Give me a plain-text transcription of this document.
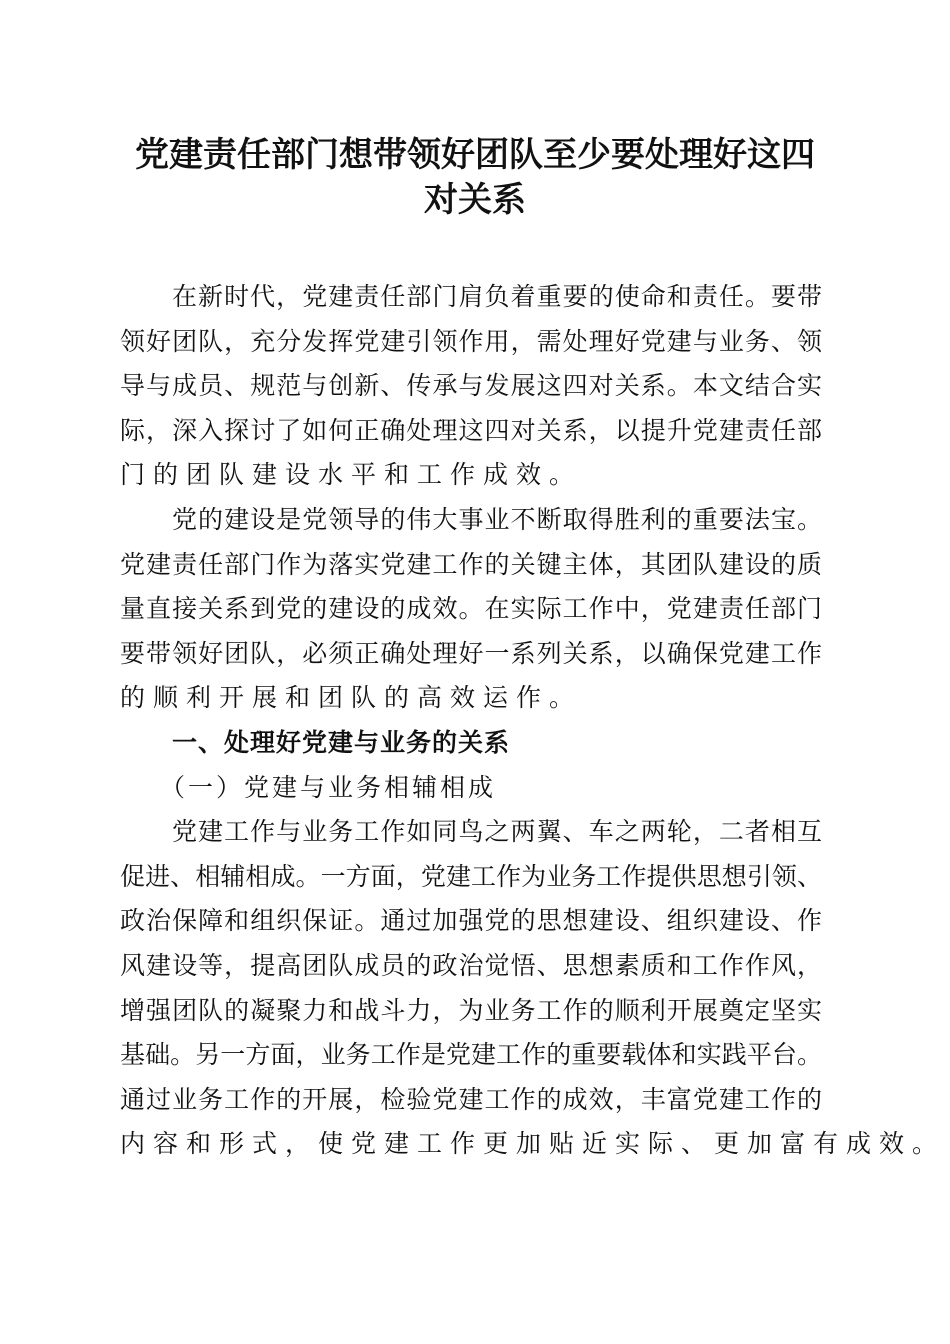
党建责任部门想带领好团队至少要处理好这四
对关系
在新时代，党建责任部门肩负着重要的使命和责任。要带
领好团队，充分发挥党建引领作用，需处理好党建与业务、领
导与成员、规范与创新、传承与发展这四对关系。本文结合实
际，深入探讨了如何正确处理这四对关系，以提升党建责任部
门的团队建设水平和工作成效。
党的建设是党领导的伟大事业不断取得胜利的重要法宝。
党建责任部门作为落实党建工作的关键主体，其团队建设的质
量直接关系到党的建设的成效。在实际工作中，党建责任部门
要带领好团队，必须正确处理好一系列关系，以确保党建工作
的顺利开展和团队的高效运作。
一、处理好党建与业务的关系
（一）党建与业务相辅相成
党建工作与业务工作如同鸟之两翼、车之两轮，二者相互
促进、相辅相成。一方面，党建工作为业务工作提供思想引领、
政治保障和组织保证。通过加强党的思想建设、组织建设、作
风建设等，提高团队成员的政治觉悟、思想素质和工作作风，
增强团队的凝聚力和战斗力，为业务工作的顺利开展奠定坚实
基础。另一方面，业务工作是党建工作的重要载体和实践平台。
通过业务工作的开展，检验党建工作的成效，丰富党建工作的
内容和形式，使党建工作更加贴近实际、更加富有成效。
